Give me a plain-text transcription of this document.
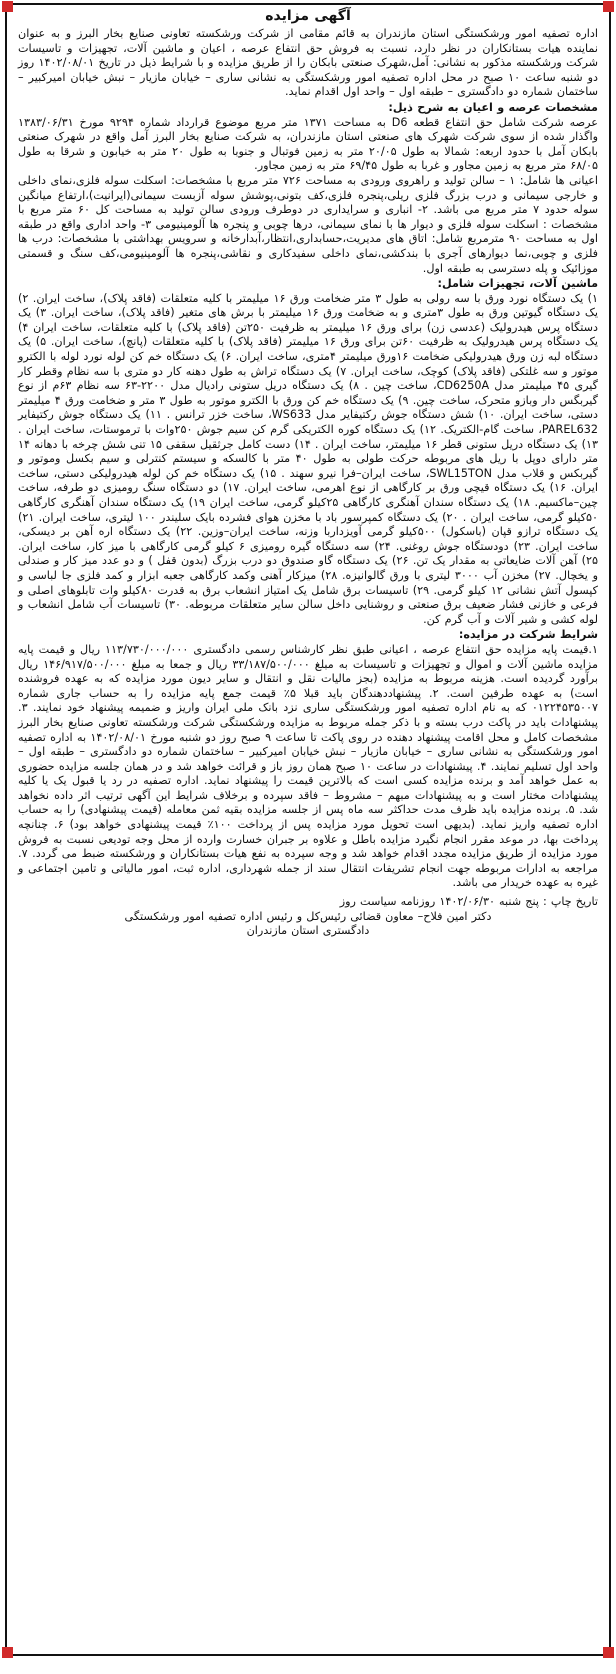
آگهی مزایده

اداره تصفیه امور ورشکستگی استان مازندران به قائم مقامی از شرکت ورشکسته تعاونی صنایع بخار البرز و به عنوان نماینده هیات بستانکاران در نظر دارد، نسبت به فروش حق انتفاع عرصه ، اعیان و ماشین آلات، تجهیزات و تاسیسات شرکت ورشکسته مذکور به نشانی: آمل،شهرک صنعتی بابکان را از طریق مزایده و با شرایط ذیل در تاریخ ۱۴۰۲/۰۸/۰۱ روز دو شنبه ساعت ۱۰ صبح در محل اداره تصفیه امور ورشکستگی به نشانی ساری – خیابان مازیار – نبش خیابان امیرکبیر – ساختمان شماره دو دادگستری – طبقه اول – واحد اول اقدام نماید.

مشخصات عرصه و اعیان به شرح ذیل:

عرصه شرکت شامل حق انتفاع قطعه D6 به مساحت ۱۳۷۱ متر مربع موضوع قرارداد شماره ۹۲۹۴ مورخ ۱۳۸۳/۰۶/۳۱ واگذار شده از سوی شرکت شهرک های صنعتی استان مازندران، به شرکت صنایع بخار البرز آمل واقع در شهرک صنعتی بابکان آمل با حدود اربعه: شمالا به طول ۲۰/۰۵ متر به زمین فوتبال و جنوبا به طول ۲۰ متر به خیابون و شرقا به طول ۶۸/۰۵ متر مربع به زمین مجاور و غربا به طول ۶۹/۴۵ متر به زمین مجاور.

اعیانی ها شامل: ۱ – سالن تولید و راهروی ورودی به مساحت ۷۲۶ متر مربع با مشخصات: اسکلت سوله فلزی،نمای داخلی و خارجی سیمانی و درب بزرگ فلزی ریلی،پنجره فلزی،کف بتونی،پوشش سوله آزبست سیمانی(ایرانیت)،ارتفاع میانگین سوله حدود ۷ متر مربع می باشد. ۲- انباری و سرایداری در دوطرف ورودی سالن تولید به مساحت کل ۶۰ متر مربع با مشخصات : اسکلت سوله فلزی و دیوار ها با نمای سیمانی، درها چوبی و پنجره ها آلومینیومی ۳- واحد اداری واقع در طبقه اول به مساحت ۹۰ مترمربع شامل: اتاق های مدیریت،حسابداری،انتظار،آبدارخانه و سرویس بهداشتی با مشخصات: درب ها فلزی و چوبی،نما دیوارهای آجری با بندکشی،نمای داخلی سفیدکاری و نقاشی،پنجره ها آلومینیومی،کف سنگ و قسمتی موزائیک و پله دسترسی به طبقه اول.

ماشین آلات، تجهیزات شامل:

۱) یک دستگاه نورد ورق با سه رولی به طول ۳ متر ضخامت ورق ۱۶ میلیمتر با کلیه متعلقات (فاقد پلاک)، ساخت ایران. ۲) یک دستگاه گیوتین ورق به طول ۳متری و به ضخامت ورق ۱۶ میلیمتر با برش های متغیر (فاقد پلاک)، ساخت ایران. ۳) یک دستگاه پرس هیدرولیک (عدسی زن) برای ورق ۱۶ میلیمتر به ظرفیت ۲۵۰تن (فاقد پلاک) با کلیه متعلقات، ساخت ایران ۴) یک دستگاه پرس هیدرولیک به ظرفیت ۶۰تن برای ورق ۱۶ میلیمتر (فاقد پلاک) با کلیه متعلقات (پانچ)، ساخت ایران. ۵) یک دستگاه لبه زن ورق هیدرولیکی ضخامت ۱۶ورق میلیمتر ۴متری، ساخت ایران. ۶) یک دستگاه خم کن لوله نورد لوله با الکترو موتور و سه غلتکی (فاقد پلاک) کوچک، ساخت ایران. ۷) یک دستگاه تراش به طول دهنه کار دو متری با سه نظام وقطر کار گیری ۴۵ میلیمتر مدل CD6250A، ساخت چین . ۸) یک دستگاه دریل ستونی رادیال مدل ۲۲۰۰-۶۳ سه نظام ۶۳م از نوع گیربگس دار وبازو متحرک، ساخت چین. ۹) یک دستگاه خم کن ورق با الکترو موتور به طول ۳ متر و ضخامت ورق ۴ میلیمتر دستی، ساخت ایران. ۱۰) شش دستگاه جوش رکتیفایر مدل WS633، ساخت خزر ترانس . ۱۱) یک دستگاه جوش رکتیفایر PAREL632، ساخت گام-الکتریک. ۱۲) یک دستگاه کوره الکتریکی گرم کن سیم جوش ۲۵۰وات با ترموستات، ساخت ایران . ۱۳) یک دستگاه دریل ستونی قطر ۱۶ میلیمتر، ساخت ایران . ۱۴) دست کامل جرثقیل سقفی ۱۵ تنی شش چرخه با دهانه ۱۴ متر دارای دوپل با ریل های مربوطه حرکت طولی به طول ۴۰ متر با کالسکه و سیستم کنترلی و سیم بکسل وموتور و گیربکس و قلاب مدل SWL15TON، ساخت ایران–فرا نیرو سهند . ۱۵) یک دستگاه خم کن لوله هیدرولیکی دستی، ساخت ایران. ۱۶) یک دستگاه قیچی ورق بر کارگاهی از نوع اهرمی، ساخت ایران. ۱۷) دو دستگاه سنگ رومیزی دو طرفه، ساخت چین–ماکسیم. ۱۸) یک دستگاه سندان آهنگری کارگاهی ۲۵کیلو گرمی، ساخت ایران ۱۹) یک دستگاه سندان آهنگری کارگاهی ۵۰کیلو گرمی، ساخت ایران . ۲۰) یک دستگاه کمپرسور باد با مخزن هوای فشرده بایک سلیندر ۱۰۰ لیتری، ساخت ایران. ۲۱) یک دستگاه ترازو قپان (باسکول) ۵۰۰کیلو گرمی آویزداربا وزنه، ساخت ایران–وزین. ۲۲) یک دستگاه اره آهن بر دیسکی، ساخت ایران. ۲۳) دودستگاه جوش روغنی. ۲۴) سه دستگاه گیره رومیزی ۶ کیلو گرمی کارگاهی با میز کار، ساخت ایران. ۲۵) آهن آلات ضایعاتی به مقدار یک تن. ۲۶) یک دستگاه گاو صندوق دو درب بزرگ (بدون قفل ) و دو عدد میز کار و صندلی و یخچال. ۲۷) مخزن آب ۳۰۰۰ لیتری با ورق گالوانیزه. ۲۸) میزکار آهنی وکمد کارگاهی جعبه ابزار و کمد فلزی جا لباسی و کپسول آتش نشانی ۱۲ کیلو گرمی. ۲۹) تاسیسات برق شامل یک امتیاز انشعاب برق به قدرت ۸۰کیلو وات تابلوهای اصلی و فرعی و خازنی فشار ضعیف برق صنعتی و روشنایی داخل سالن سایر متعلقات مربوطه. ۳۰) تاسیسات آب شامل انشعاب و لوله کشی و شیر آلات و آب گرم کن.

شرایط شرکت در مزایده:

۱.قیمت پایه مزایده حق انتفاع عرصه ، اعیانی طبق نظر کارشناس رسمی دادگستری ۱۱۳/۷۳۰/۰۰۰/۰۰۰ ریال و قیمت پایه مزایده ماشین آلات و اموال و تجهیزات و تاسیسات به مبلغ ۳۳/۱۸۷/۵۰۰/۰۰۰ ریال و جمعا به مبلغ ۱۴۶/۹۱۷/۵۰۰/۰۰۰ ریال برآورد گردیده است. هزینه مربوط به مزایده (بجز مالیات نقل و انتقال و سایر دیون مورد مزایده که به عهده فروشنده است) به عهده طرفین است. ۲. پیشنهاددهندگان باید قبلا ۵٪ قیمت جمع پایه مزایده را به حساب جاری شماره ۰۱۲۲۴۵۳۵۰۰۷ که به نام اداره تصفیه امور ورشکستگی ساری نزد بانک ملی ایران واریز و ضمیمه پیشنهاد خود نمایند. ۳. پیشنهادات باید در پاکت درب بسته و با ذکر جمله مربوط به مزایده ورشکستگی شرکت ورشکسته تعاونی صنایع بخار البرز مشخصات کامل و محل اقامت پیشنهاد دهنده در روی پاکت تا ساعت ۹ صبح روز دو شنبه مورخ ۱۴۰۲/۰۸/۰۱ به اداره تصفیه امور ورشکستگی به نشانی ساری – خیابان مازیار – نبش خیابان امیرکبیر – ساختمان شماره دو دادگستری – طبقه اول – واحد اول تسلیم نمایند. ۴. پیشنهادات در ساعت ۱۰ صبح همان روز باز و قرائت خواهد شد و در همان جلسه مزایده حضوری به عمل خواهد آمد و برنده مزایده کسی است که بالاترین قیمت را پیشنهاد نماید. اداره تصفیه در رد یا قبول یک یا کلیه پیشنهادات مختار است و به پیشنهادات مبهم – مشروط – فاقد سپرده و برخلاف شرایط این آگهی ترتیب اثر داده نخواهد شد. ۵. برنده مزایده باید ظرف مدت حداکثر سه ماه پس از جلسه مزایده بقیه ثمن معامله (قیمت پیشنهادی) را به حساب اداره تصفیه واریز نماید. (بدیهی است تحویل مورد مزایده پس از پرداخت ۱۰۰٪ قیمت پیشنهادی خواهد بود) ۶. چنانچه پرداخت بها، در موعد مقرر انجام نگیرد مزایده باطل و علاوه بر جبران خسارت وارده از محل وجه تودیعی نسبت به فروش مورد مزایده از طریق مزایده مجدد اقدام خواهد شد و وجه سپرده به نفع هیات بستانکاران و ورشکسته ضبط می گردد. ۷. مراجعه به ادارات مربوطه جهت انجام تشریفات انتقال سند از جمله شهرداری، اداره ثبت، امور مالیاتی و تامین اجتماعی و غیره به عهده خریدار می باشد.

تاریخ چاپ : پنج شنبه ۱۴۰۲/۰۶/۳۰ روزنامه سیاست روز

دکتر امین فلاح– معاون قضائی رئیس‌کل و رئیس اداره تصفیه امور ورشکستگی

دادگستری استان مازندران
